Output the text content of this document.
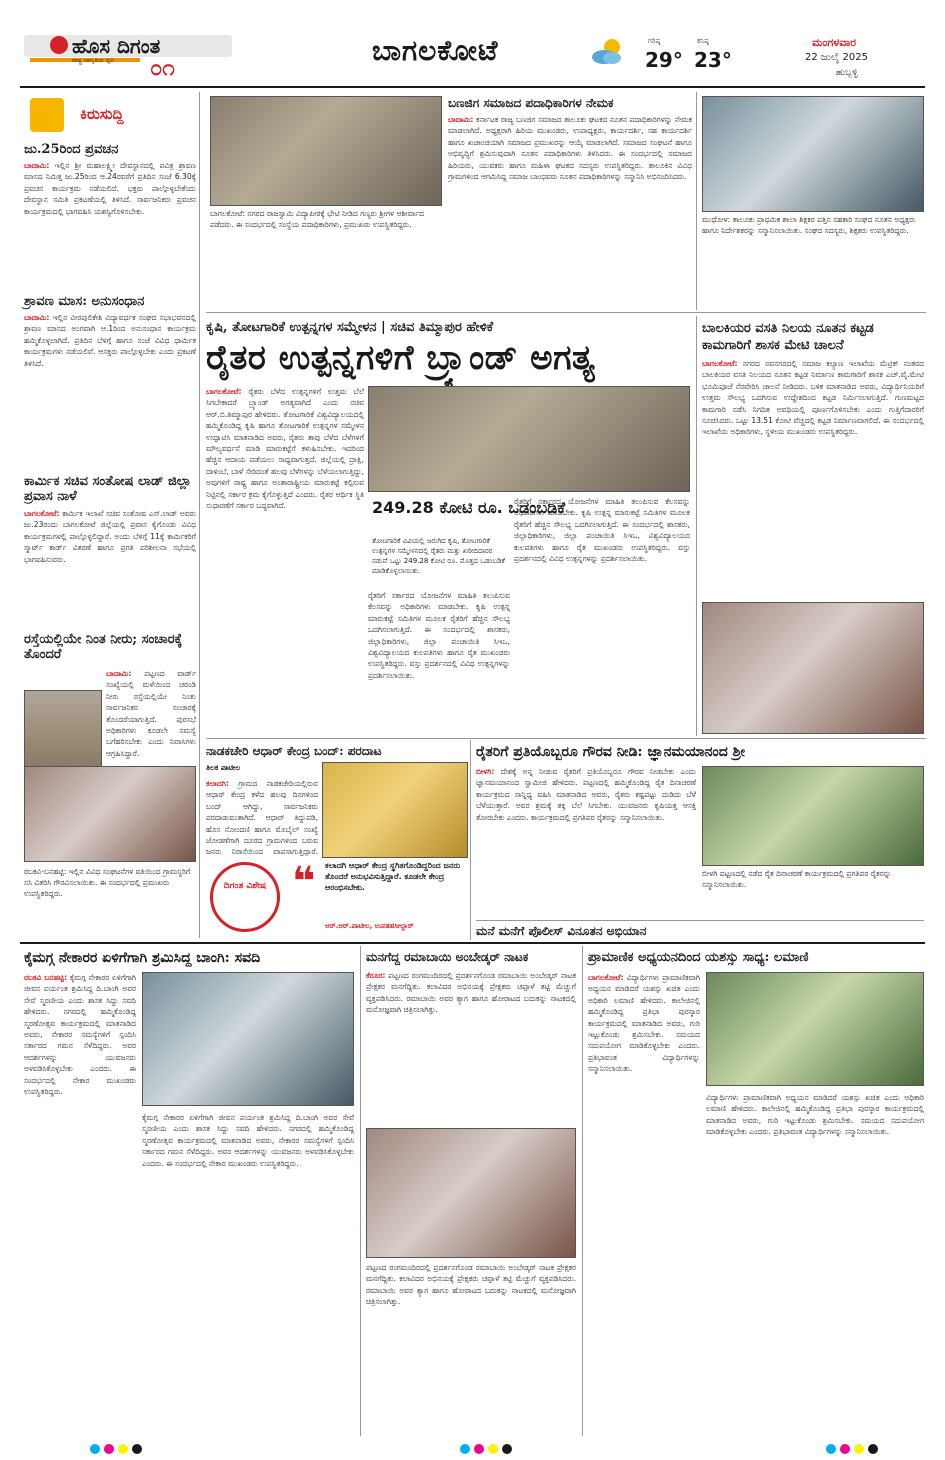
ಹೊಸ ದಿಗಂತ
ರಾಷ್ಟ್ರ ಜಾಗೃತಿಯ ಧ್ವನಿ ೦೧
ಬಾಗಲಕೋಟೆ	ಗರಿಷ್ಠ
29°
ಕನಿಷ್ಠ
23°
ಮಂಗಳವಾರ
22 ಜುಲೈ 2025
ಹುಬ್ಬಳ್ಳಿ
ಕಿರುಸುದ್ದಿ
ಜು.25ರಿಂದ ಪ್ರವಚನ
ಬಾದಾಮಿ: ಇಲ್ಲಿನ ಶ್ರೀ ಮಹಾಲಕ್ಷ್ಮೀ ದೇವಸ್ಥಾನದಲ್ಲಿ ಪವಿತ್ರ ಶ್ರಾವಣ ಮಾಸದ ನಿಮಿತ್ತ ಜು.25ರಿಂದ ಆ.24ರವರೆಗೆ ಪ್ರತಿದಿನ ಸಂಜೆ 6.30ಕ್ಕೆ ಪ್ರವಚನ ಕಾರ್ಯಕ್ರಮ ನಡೆಯಲಿದೆ. ಭಕ್ತರು ಪಾಲ್ಗೊಳ್ಳಬೇಕೆಂದು ದೇವಸ್ಥಾನ ಸಮಿತಿ ಪ್ರಕಟಣೆಯಲ್ಲಿ ತಿಳಿಸಿದೆ. ಸಾರ್ವಜನಿಕರು ಪ್ರವಚನ ಕಾರ್ಯಕ್ರಮದಲ್ಲಿ ಭಾಗವಹಿಸಿ ಯಶಸ್ವಿಗೊಳಿಸಬೇಕು.
ಶ್ರಾವಣ ಮಾಸ: ಅನುಸಂಧಾನ
ಬಾದಾಮಿ: ಇಲ್ಲಿನ ವೀರಪುಲಿಕೇಶಿ ವಿದ್ಯಾವರ್ಧಕ ಸಂಘದ ಸಭಾಭವನದಲ್ಲಿ ಶ್ರಾವಣ ಮಾಸದ ಅಂಗವಾಗಿ ಆ.1ರಿಂದ ಅನುಸಂಧಾನ ಕಾರ್ಯಕ್ರಮ ಹಮ್ಮಿಕೊಳ್ಳಲಾಗಿದೆ. ಪ್ರತಿದಿನ ಬೆಳಿಗ್ಗೆ ಹಾಗೂ ಸಂಜೆ ವಿವಿಧ ಧಾರ್ಮಿಕ ಕಾರ್ಯಕ್ರಮಗಳು ನಡೆಯಲಿವೆ. ಆಸಕ್ತರು ಪಾಲ್ಗೊಳ್ಳಬೇಕು ಎಂದು ಪ್ರಕಟಣೆ ತಿಳಿಸಿದೆ.
ಕಾರ್ಮಿಕ ಸಚಿವ ಸಂತೋಷ ಲಾಡ್ ಜಿಲ್ಲಾ ಪ್ರವಾಸ ನಾಳೆ
ಬಾಗಲಕೋಟೆ: ಕಾರ್ಮಿಕ ಇಲಾಖೆ ಸಚಿವ ಸಂತೋಷ ಎಸ್.ಲಾಡ್ ಅವರು ಜು.23ರಂದು ಬಾಗಲಕೋಟೆ ಜಿಲ್ಲೆಯಲ್ಲಿ ಪ್ರವಾಸ ಕೈಗೊಂಡು ವಿವಿಧ ಕಾರ್ಯಕ್ರಮಗಳಲ್ಲಿ ಪಾಲ್ಗೊಳ್ಳಲಿದ್ದಾರೆ. ಅಂದು ಬೆಳಿಗ್ಗೆ 11ಕ್ಕೆ ಕಾರ್ಮಿಕರಿಗೆ ಸ್ಮಾರ್ಟ್ ಕಾರ್ಡ್ ವಿತರಣೆ ಹಾಗೂ ಪ್ರಗತಿ ಪರಿಶೀಲನಾ ಸಭೆಯಲ್ಲಿ ಭಾಗವಹಿಸುವರು.
ರಸ್ತೆಯಲ್ಲಿಯೇ ನಿಂತ ನೀರು; ಸಂಚಾರಕ್ಕೆ ತೊಂದರೆ
ಬಾದಾಮಿ: ಪಟ್ಟಣದ ವಾರ್ಡ್ ಸಂಖ್ಯೆಯಲ್ಲಿ ಮಳೆಯಿಂದ ಚರಂಡಿ ನೀರು ರಸ್ತೆಯಲ್ಲಿಯೇ ನಿಂತು ಸಾರ್ವಜನಿಕರ ಸಂಚಾರಕ್ಕೆ ತೊಂದರೆಯಾಗುತ್ತಿದೆ. ಪುರಸಭೆ ಅಧಿಕಾರಿಗಳು ಕೂಡಲೇ ಸಮಸ್ಯೆ ಬಗೆಹರಿಸಬೇಕು ಎಂದು ನಿವಾಸಿಗಳು ಆಗ್ರಹಿಸಿದ್ದಾರೆ.
ರಬಕವಿ-ಬನಹಟ್ಟಿ: ಇಲ್ಲಿನ ವಿವಿಧ ಸಂಘಟನೆಗಳ ವತಿಯಿಂದ ಗ್ರಾಮಸ್ಥರಿಗೆ ಸಸಿ ವಿತರಿಸಿ ಗೌರವಿಸಲಾಯಿತು. ಈ ಸಂದರ್ಭದಲ್ಲಿ ಪ್ರಮುಖರು ಉಪಸ್ಥಿತರಿದ್ದರು.
ಬಾಗಲಕೋಟೆ: ನಗರದ ರಾಜಸ್ವಾಮಿ ವಿದ್ಯಾಪೀಠಕ್ಕೆ ಭೇಟಿ ನೀಡಿದ ಗಣ್ಯರು ಶ್ರೀಗಳ ಆಶೀರ್ವಾದ ಪಡೆದರು. ಈ ಸಂದರ್ಭದಲ್ಲಿ ಸಂಸ್ಥೆಯ ಪದಾಧಿಕಾರಿಗಳು, ಪ್ರಮುಖರು ಉಪಸ್ಥಿತರಿದ್ದರು.
ಬಣಜಿಗ ಸಮಾಜದ ಪದಾಧಿಕಾರಿಗಳ ನೇಮಕ
ಬಾದಾಮಿ: ಕರ್ನಾಟಕ ರಾಜ್ಯ ಬಣಜಿಗ ಸಮಾಜದ ತಾಲೂಕು ಘಟಕದ ನೂತನ ಪದಾಧಿಕಾರಿಗಳನ್ನು ನೇಮಕ ಮಾಡಲಾಗಿದೆ. ಅಧ್ಯಕ್ಷರಾಗಿ ಹಿರಿಯ ಮುಖಂಡರು, ಉಪಾಧ್ಯಕ್ಷರು, ಕಾರ್ಯದರ್ಶಿ, ಸಹ ಕಾರ್ಯದರ್ಶಿ ಹಾಗೂ ಖಜಾಂಚಿಯಾಗಿ ಸಮಾಜದ ಪ್ರಮುಖರನ್ನು ಆಯ್ಕೆ ಮಾಡಲಾಗಿದೆ. ಸಮಾಜದ ಸಂಘಟನೆ ಹಾಗೂ ಅಭಿವೃದ್ಧಿಗೆ ಶ್ರಮಿಸುವುದಾಗಿ ನೂತನ ಪದಾಧಿಕಾರಿಗಳು ತಿಳಿಸಿದರು. ಈ ಸಂದರ್ಭದಲ್ಲಿ ಸಮಾಜದ ಹಿರಿಯರು, ಯುವಕರು ಹಾಗೂ ಮಹಿಳಾ ಘಟಕದ ಸದಸ್ಯರು ಉಪಸ್ಥಿತರಿದ್ದರು. ತಾಲೂಕಿನ ವಿವಿಧ ಗ್ರಾಮಗಳಿಂದ ಆಗಮಿಸಿದ್ದ ಸಮಾಜ ಬಾಂಧವರು ನೂತನ ಪದಾಧಿಕಾರಿಗಳನ್ನು ಸನ್ಮಾನಿಸಿ ಅಭಿನಂದಿಸಿದರು.
ಮುಧೋಳ: ತಾಲೂಕು ಪ್ರಾಥಮಿಕ ಶಾಲಾ ಶಿಕ್ಷಕರ ಪತ್ತಿನ ಸಹಕಾರಿ ಸಂಘದ ನೂತನ ಅಧ್ಯಕ್ಷರು ಹಾಗೂ ನಿರ್ದೇಶಕರನ್ನು ಸನ್ಮಾನಿಸಲಾಯಿತು. ಸಂಘದ ಸದಸ್ಯರು, ಶಿಕ್ಷಕರು ಉಪಸ್ಥಿತರಿದ್ದರು.
ಕೃಷಿ, ತೋಟಗಾರಿಕೆ ಉತ್ಪನ್ನಗಳ ಸಮ್ಮೇಳನ | ಸಚಿವ ತಿಮ್ಮಾಪುರ ಹೇಳಿಕೆ
ರೈತರ ಉತ್ಪನ್ನಗಳಿಗೆ ಬ್ರ್ಯಾಂಡ್ ಅಗತ್ಯ
ಬಾಗಲಕೋಟೆ: ರೈತರು ಬೆಳೆದ ಉತ್ಪನ್ನಗಳಿಗೆ ಉತ್ತಮ ಬೆಲೆ ಸಿಗಬೇಕಾದರೆ ಬ್ರ್ಯಾಂಡ್ ಅಗತ್ಯವಾಗಿದೆ ಎಂದು ಸಚಿವ ಆರ್.ಬಿ.ತಿಮ್ಮಾಪುರ ಹೇಳಿದರು. ತೋಟಗಾರಿಕೆ ವಿಶ್ವವಿದ್ಯಾಲಯದಲ್ಲಿ ಹಮ್ಮಿಕೊಂಡಿದ್ದ ಕೃಷಿ ಹಾಗೂ ತೋಟಗಾರಿಕೆ ಉತ್ಪನ್ನಗಳ ಸಮ್ಮೇಳನ ಉದ್ಘಾಟಿಸಿ ಮಾತನಾಡಿದ ಅವರು, ರೈತರು ತಾವು ಬೆಳೆದ ಬೆಳೆಗಳಿಗೆ ಮೌಲ್ಯವರ್ಧನೆ ಮಾಡಿ ಮಾರುಕಟ್ಟೆಗೆ ಕಳುಹಿಸಬೇಕು. ಇದರಿಂದ ಹೆಚ್ಚಿನ ಆದಾಯ ಪಡೆಯಲು ಸಾಧ್ಯವಾಗುತ್ತದೆ. ಜಿಲ್ಲೆಯಲ್ಲಿ ದ್ರಾಕ್ಷಿ, ದಾಳಿಂಬೆ, ಬಾಳೆ ಸೇರಿದಂತೆ ಹಲವು ಬೆಳೆಗಳನ್ನು ಬೆಳೆಯಲಾಗುತ್ತಿದ್ದು, ಅವುಗಳಿಗೆ ರಾಷ್ಟ್ರ ಹಾಗೂ ಅಂತಾರಾಷ್ಟ್ರೀಯ ಮಾರುಕಟ್ಟೆ ಕಲ್ಪಿಸುವ ನಿಟ್ಟಿನಲ್ಲಿ ಸರ್ಕಾರ ಕ್ರಮ ಕೈಗೊಳ್ಳುತ್ತಿದೆ ಎಂದರು. ರೈತರ ಆರ್ಥಿಕ ಸ್ಥಿತಿ ಸುಧಾರಣೆಗೆ ಸರ್ಕಾರ ಬದ್ಧವಾಗಿದೆ.	249.28 ಕೋಟಿ ರೂ. ಒಡಂಬಡಿಕೆ
ತೋಟಗಾರಿಕೆ ವಿವಿಯಲ್ಲಿ ಜರುಗಿದ ಕೃಷಿ, ತೋಟಗಾರಿಕೆ ಉತ್ಪನ್ನಗಳ ಸಮ್ಮೇಳನದಲ್ಲಿ ರೈತರು ಮತ್ತು ಖರೀದಿದಾರರ ನಡುವೆ ಒಟ್ಟು 249.28 ಕೋಟಿ ರೂ. ಮೊತ್ತದ ಒಡಂಬಡಿಕೆ ಮಾಡಿಕೊಳ್ಳಲಾಯಿತು.
ರೈತರಿಗೆ ಸರ್ಕಾರದ ಯೋಜನೆಗಳ ಮಾಹಿತಿ ತಲುಪಿಸುವ ಕೆಲಸವನ್ನು ಅಧಿಕಾರಿಗಳು ಮಾಡಬೇಕು. ಕೃಷಿ ಉತ್ಪನ್ನ ಮಾರುಕಟ್ಟೆ ಸಮಿತಿಗಳ ಮೂಲಕ ರೈತರಿಗೆ ಹೆಚ್ಚಿನ ಸೌಲಭ್ಯ ಒದಗಿಸಲಾಗುತ್ತಿದೆ. ಈ ಸಂದರ್ಭದಲ್ಲಿ ಶಾಸಕರು, ಜಿಲ್ಲಾಧಿಕಾರಿಗಳು, ಜಿಲ್ಲಾ ಪಂಚಾಯಿತಿ ಸಿಇಒ, ವಿಶ್ವವಿದ್ಯಾಲಯದ ಕುಲಪತಿಗಳು ಹಾಗೂ ರೈತ ಮುಖಂಡರು ಉಪಸ್ಥಿತರಿದ್ದರು. ವಸ್ತು ಪ್ರದರ್ಶನದಲ್ಲಿ ವಿವಿಧ ಉತ್ಪನ್ನಗಳನ್ನು ಪ್ರದರ್ಶಿಸಲಾಯಿತು.
ರೈತರಿಗೆ ಸರ್ಕಾರದ ಯೋಜನೆಗಳ ಮಾಹಿತಿ ತಲುಪಿಸುವ ಕೆಲಸವನ್ನು ಅಧಿಕಾರಿಗಳು ಮಾಡಬೇಕು. ಕೃಷಿ ಉತ್ಪನ್ನ ಮಾರುಕಟ್ಟೆ ಸಮಿತಿಗಳ ಮೂಲಕ ರೈತರಿಗೆ ಹೆಚ್ಚಿನ ಸೌಲಭ್ಯ ಒದಗಿಸಲಾಗುತ್ತಿದೆ. ಈ ಸಂದರ್ಭದಲ್ಲಿ ಶಾಸಕರು, ಜಿಲ್ಲಾಧಿಕಾರಿಗಳು, ಜಿಲ್ಲಾ ಪಂಚಾಯಿತಿ ಸಿಇಒ, ವಿಶ್ವವಿದ್ಯಾಲಯದ ಕುಲಪತಿಗಳು ಹಾಗೂ ರೈತ ಮುಖಂಡರು ಉಪಸ್ಥಿತರಿದ್ದರು. ವಸ್ತು ಪ್ರದರ್ಶನದಲ್ಲಿ ವಿವಿಧ ಉತ್ಪನ್ನಗಳನ್ನು ಪ್ರದರ್ಶಿಸಲಾಯಿತು.
ಬಾಲಕಿಯರ ವಸತಿ ನಿಲಯ ನೂತನ ಕಟ್ಟಡ ಕಾಮಗಾರಿಗೆ ಶಾಸಕ ಮೇಟಿ ಚಾಲನೆ
ಬಾಗಲಕೋಟೆ: ನಗರದ ನವನಗರದಲ್ಲಿ ಸಮಾಜ ಕಲ್ಯಾಣ ಇಲಾಖೆಯ ಮೆಟ್ರಿಕ್ ನಂತರದ ಬಾಲಕಿಯರ ವಸತಿ ನಿಲಯದ ನೂತನ ಕಟ್ಟಡ ನಿರ್ಮಾಣ ಕಾಮಗಾರಿಗೆ ಶಾಸಕ ಎಚ್.ವೈ.ಮೇಟಿ ಭೂಮಿಪೂಜೆ ನೆರವೇರಿಸಿ ಚಾಲನೆ ನೀಡಿದರು. ಬಳಿಕ ಮಾತನಾಡಿದ ಅವರು, ವಿದ್ಯಾರ್ಥಿನಿಯರಿಗೆ ಉತ್ತಮ ಸೌಲಭ್ಯ ಒದಗಿಸುವ ಉದ್ದೇಶದಿಂದ ಕಟ್ಟಡ ನಿರ್ಮಿಸಲಾಗುತ್ತಿದೆ. ಗುಣಮಟ್ಟದ ಕಾಮಗಾರಿ ನಡೆಸಿ ನಿಗದಿತ ಅವಧಿಯಲ್ಲಿ ಪೂರ್ಣಗೊಳಿಸಬೇಕು ಎಂದು ಗುತ್ತಿಗೆದಾರರಿಗೆ ಸೂಚಿಸಿದರು. ಒಟ್ಟು 13.51 ಕೋಟಿ ವೆಚ್ಚದಲ್ಲಿ ಕಟ್ಟಡ ನಿರ್ಮಾಣವಾಗಲಿದೆ. ಈ ಸಂದರ್ಭದಲ್ಲಿ ಇಲಾಖೆಯ ಅಧಿಕಾರಿಗಳು, ಸ್ಥಳೀಯ ಮುಖಂಡರು ಉಪಸ್ಥಿತರಿದ್ದರು.
ನಾಡಕಚೇರಿ ಆಧಾರ್ ಕೇಂದ್ರ ಬಂದ್: ಪರದಾಟ
ತಿಲಕ ಪಾಟೀಲ
ಕಲಾದಗಿ: ಗ್ರಾಮದ ನಾಡಕಚೇರಿಯಲ್ಲಿರುವ ಆಧಾರ್ ಕೇಂದ್ರ ಕಳೆದ ಹಲವು ದಿನಗಳಿಂದ ಬಂದ್ ಆಗಿದ್ದು, ಸಾರ್ವಜನಿಕರು ಪರದಾಡುವಂತಾಗಿದೆ. ಆಧಾರ್ ತಿದ್ದುಪಡಿ, ಹೊಸ ನೋಂದಣಿ ಹಾಗೂ ಮೊಬೈಲ್ ಸಂಖ್ಯೆ ಜೋಡಣೆಗಾಗಿ ದೂರದ ಗ್ರಾಮಗಳಿಂದ ಬರುವ ಜನರು ನಿರಾಸೆಯಿಂದ ವಾಪಸಾಗುತ್ತಿದ್ದಾರೆ.
ದಿಗಂತ ವಿಶೇಷ ❝ ಕಲಾದಗಿ ಆಧಾರ್ ಕೇಂದ್ರ ಸ್ಥಗಿತಗೊಂಡಿದ್ದರಿಂದ ಜನರು ತೊಂದರೆ ಅನುಭವಿಸುತ್ತಿದ್ದಾರೆ. ಕೂಡಲೇ ಕೇಂದ್ರ ಆರಂಭಿಸಬೇಕು.
ಆರ್.ಆರ್.ಪಾಟೀಲ, ಉಪತಹಸೀಲ್ದಾರ್
ರೈತರಿಗೆ ಪ್ರತಿಯೊಬ್ಬರೂ ಗೌರವ ನೀಡಿ: ಜ್ಞಾನಮಯಾನಂದ ಶ್ರೀ
ಬೀಳಗಿ: ದೇಶಕ್ಕೆ ಅನ್ನ ನೀಡುವ ರೈತರಿಗೆ ಪ್ರತಿಯೊಬ್ಬರೂ ಗೌರವ ನೀಡಬೇಕು ಎಂದು ಜ್ಞಾನಮಯಾನಂದ ಸ್ವಾಮೀಜಿ ಹೇಳಿದರು. ಪಟ್ಟಣದಲ್ಲಿ ಹಮ್ಮಿಕೊಂಡಿದ್ದ ರೈತ ದಿನಾಚರಣೆ ಕಾರ್ಯಕ್ರಮದ ಸಾನ್ನಿಧ್ಯ ವಹಿಸಿ ಮಾತನಾಡಿದ ಅವರು, ರೈತರು ಕಷ್ಟಪಟ್ಟು ದುಡಿದು ಬೆಳೆ ಬೆಳೆಯುತ್ತಾರೆ. ಅವರ ಶ್ರಮಕ್ಕೆ ತಕ್ಕ ಬೆಲೆ ಸಿಗಬೇಕು. ಯುವಜನರು ಕೃಷಿಯತ್ತ ಆಸಕ್ತಿ ತೋರಬೇಕು ಎಂದರು. ಕಾರ್ಯಕ್ರಮದಲ್ಲಿ ಪ್ರಗತಿಪರ ರೈತರನ್ನು ಸನ್ಮಾನಿಸಲಾಯಿತು.
ಬೀಳಗಿ ಪಟ್ಟಣದಲ್ಲಿ ನಡೆದ ರೈತ ದಿನಾಚರಣೆ ಕಾರ್ಯಕ್ರಮದಲ್ಲಿ ಪ್ರಗತಿಪರ ರೈತರನ್ನು ಸನ್ಮಾನಿಸಲಾಯಿತು.
ಮನೆ ಮನೆಗೆ ಪೊಲೀಸ್ ವಿನೂತನ ಅಭಿಯಾನ
ಕೈಮಗ್ಗ ನೇಕಾರರ ಏಳಿಗೆಗಾಗಿ ಶ್ರಮಿಸಿದ್ದ ಬಾಂಗಿ: ಸವದಿ
ರಬಕವಿ ಬನಹಟ್ಟಿ: ಕೈಮಗ್ಗ ನೇಕಾರರ ಏಳಿಗೆಗಾಗಿ ಜೀವನ ಪರ್ಯಂತ ಶ್ರಮಿಸಿದ್ದ ದಿ.ಬಾಂಗಿ ಅವರ ಸೇವೆ ಸ್ಮರಣೀಯ ಎಂದು ಶಾಸಕ ಸಿದ್ದು ಸವದಿ ಹೇಳಿದರು. ನಗರದಲ್ಲಿ ಹಮ್ಮಿಕೊಂಡಿದ್ದ ಸ್ಮರಣೋತ್ಸವ ಕಾರ್ಯಕ್ರಮದಲ್ಲಿ ಮಾತನಾಡಿದ ಅವರು, ನೇಕಾರರ ಸಮಸ್ಯೆಗಳಿಗೆ ಸ್ಪಂದಿಸಿ ಸರ್ಕಾರದ ಗಮನ ಸೆಳೆದಿದ್ದರು. ಅವರ ಆದರ್ಶಗಳನ್ನು ಯುವಜನರು ಅಳವಡಿಸಿಕೊಳ್ಳಬೇಕು ಎಂದರು. ಈ ಸಂದರ್ಭದಲ್ಲಿ ನೇಕಾರ ಮುಖಂಡರು ಉಪಸ್ಥಿತರಿದ್ದರು.
ಕೈಮಗ್ಗ ನೇಕಾರರ ಏಳಿಗೆಗಾಗಿ ಜೀವನ ಪರ್ಯಂತ ಶ್ರಮಿಸಿದ್ದ ದಿ.ಬಾಂಗಿ ಅವರ ಸೇವೆ ಸ್ಮರಣೀಯ ಎಂದು ಶಾಸಕ ಸಿದ್ದು ಸವದಿ ಹೇಳಿದರು. ನಗರದಲ್ಲಿ ಹಮ್ಮಿಕೊಂಡಿದ್ದ ಸ್ಮರಣೋತ್ಸವ ಕಾರ್ಯಕ್ರಮದಲ್ಲಿ ಮಾತನಾಡಿದ ಅವರು, ನೇಕಾರರ ಸಮಸ್ಯೆಗಳಿಗೆ ಸ್ಪಂದಿಸಿ ಸರ್ಕಾರದ ಗಮನ ಸೆಳೆದಿದ್ದರು. ಅವರ ಆದರ್ಶಗಳನ್ನು ಯುವಜನರು ಅಳವಡಿಸಿಕೊಳ್ಳಬೇಕು ಎಂದರು. ಈ ಸಂದರ್ಭದಲ್ಲಿ ನೇಕಾರ ಮುಖಂಡರು ಉಪಸ್ಥಿತರಿದ್ದರು.
ಮನಗೆದ್ದ ರಮಾಬಾಯಿ ಅಂಬೇಡ್ಕರ್ ನಾಟಕ
ಕೆರೂರ: ಪಟ್ಟಣದ ರಂಗಮಂದಿರದಲ್ಲಿ ಪ್ರದರ್ಶನಗೊಂಡ ರಮಾಬಾಯಿ ಅಂಬೇಡ್ಕರ್ ನಾಟಕ ಪ್ರೇಕ್ಷಕರ ಮನಗೆದ್ದಿತು. ಕಲಾವಿದರ ಅಭಿನಯಕ್ಕೆ ಪ್ರೇಕ್ಷಕರು ಚಪ್ಪಾಳೆ ತಟ್ಟಿ ಮೆಚ್ಚುಗೆ ವ್ಯಕ್ತಪಡಿಸಿದರು. ರಮಾಬಾಯಿ ಅವರ ತ್ಯಾಗ ಹಾಗೂ ಹೋರಾಟದ ಬದುಕನ್ನು ನಾಟಕದಲ್ಲಿ ಮನೋಜ್ಞವಾಗಿ ಚಿತ್ರಿಸಲಾಗಿತ್ತು.
ಪಟ್ಟಣದ ರಂಗಮಂದಿರದಲ್ಲಿ ಪ್ರದರ್ಶನಗೊಂಡ ರಮಾಬಾಯಿ ಅಂಬೇಡ್ಕರ್ ನಾಟಕ ಪ್ರೇಕ್ಷಕರ ಮನಗೆದ್ದಿತು. ಕಲಾವಿದರ ಅಭಿನಯಕ್ಕೆ ಪ್ರೇಕ್ಷಕರು ಚಪ್ಪಾಳೆ ತಟ್ಟಿ ಮೆಚ್ಚುಗೆ ವ್ಯಕ್ತಪಡಿಸಿದರು. ರಮಾಬಾಯಿ ಅವರ ತ್ಯಾಗ ಹಾಗೂ ಹೋರಾಟದ ಬದುಕನ್ನು ನಾಟಕದಲ್ಲಿ ಮನೋಜ್ಞವಾಗಿ ಚಿತ್ರಿಸಲಾಗಿತ್ತು.
ಪ್ರಾಮಾಣಿಕ ಅಧ್ಯಯನದಿಂದ ಯಶಸ್ಸು ಸಾಧ್ಯ: ಲಮಾಣಿ
ಬಾಗಲಕೋಟೆ: ವಿದ್ಯಾರ್ಥಿಗಳು ಪ್ರಾಮಾಣಿಕವಾಗಿ ಅಧ್ಯಯನ ಮಾಡಿದರೆ ಯಶಸ್ಸು ಖಚಿತ ಎಂದು ಅಧಿಕಾರಿ ಲಮಾಣಿ ಹೇಳಿದರು. ಕಾಲೇಜಿನಲ್ಲಿ ಹಮ್ಮಿಕೊಂಡಿದ್ದ ಪ್ರತಿಭಾ ಪುರಸ್ಕಾರ ಕಾರ್ಯಕ್ರಮದಲ್ಲಿ ಮಾತನಾಡಿದ ಅವರು, ಗುರಿ ಇಟ್ಟುಕೊಂಡು ಶ್ರಮಿಸಬೇಕು. ಸಮಯದ ಸದುಪಯೋಗ ಮಾಡಿಕೊಳ್ಳಬೇಕು ಎಂದರು. ಪ್ರತಿಭಾವಂತ ವಿದ್ಯಾರ್ಥಿಗಳನ್ನು ಸನ್ಮಾನಿಸಲಾಯಿತು.
ವಿದ್ಯಾರ್ಥಿಗಳು ಪ್ರಾಮಾಣಿಕವಾಗಿ ಅಧ್ಯಯನ ಮಾಡಿದರೆ ಯಶಸ್ಸು ಖಚಿತ ಎಂದು ಅಧಿಕಾರಿ ಲಮಾಣಿ ಹೇಳಿದರು. ಕಾಲೇಜಿನಲ್ಲಿ ಹಮ್ಮಿಕೊಂಡಿದ್ದ ಪ್ರತಿಭಾ ಪುರಸ್ಕಾರ ಕಾರ್ಯಕ್ರಮದಲ್ಲಿ ಮಾತನಾಡಿದ ಅವರು, ಗುರಿ ಇಟ್ಟುಕೊಂಡು ಶ್ರಮಿಸಬೇಕು. ಸಮಯದ ಸದುಪಯೋಗ ಮಾಡಿಕೊಳ್ಳಬೇಕು ಎಂದರು. ಪ್ರತಿಭಾವಂತ ವಿದ್ಯಾರ್ಥಿಗಳನ್ನು ಸನ್ಮಾನಿಸಲಾಯಿತು.
